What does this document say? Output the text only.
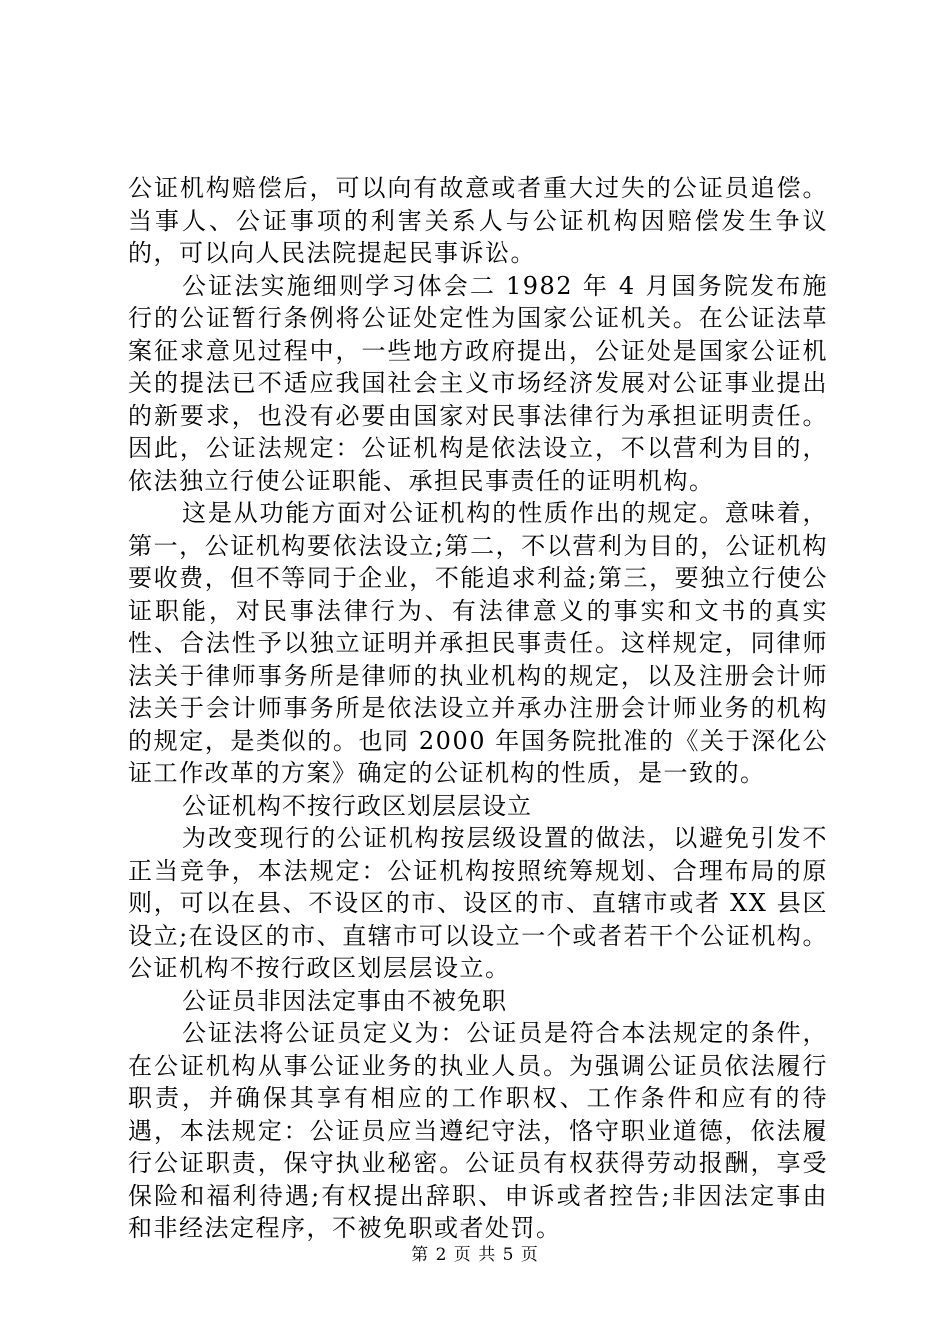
公证机构赔偿后，可以向有故意或者重大过失的公证员追偿。当事人、公证事项的利害关系人与公证机构因赔偿发生争议的，可以向人民法院提起民事诉讼。

公证法实施细则学习体会二 1982 年 4 月国务院发布施行的公证暂行条例将公证处定性为国家公证机关。在公证法草案征求意见过程中，一些地方政府提出，公证处是国家公证机关的提法已不适应我国社会主义市场经济发展对公证事业提出的新要求，也没有必要由国家对民事法律行为承担证明责任。因此，公证法规定：公证机构是依法设立，不以营利为目的，依法独立行使公证职能、承担民事责任的证明机构。

这是从功能方面对公证机构的性质作出的规定。意味着，第一，公证机构要依法设立;第二，不以营利为目的，公证机构要收费，但不等同于企业，不能追求利益;第三，要独立行使公证职能，对民事法律行为、有法律意义的事实和文书的真实性、合法性予以独立证明并承担民事责任。这样规定，同律师法关于律师事务所是律师的执业机构的规定，以及注册会计师法关于会计师事务所是依法设立并承办注册会计师业务的机构的规定，是类似的。也同 2000 年国务院批准的《关于深化公证工作改革的方案》确定的公证机构的性质，是一致的。

公证机构不按行政区划层层设立

为改变现行的公证机构按层级设置的做法，以避免引发不正当竞争，本法规定：公证机构按照统筹规划、合理布局的原则，可以在县、不设区的市、设区的市、直辖市或者 XX 县区设立;在设区的市、直辖市可以设立一个或者若干个公证机构。公证机构不按行政区划层层设立。

公证员非因法定事由不被免职

公证法将公证员定义为：公证员是符合本法规定的条件，在公证机构从事公证业务的执业人员。为强调公证员依法履行职责，并确保其享有相应的工作职权、工作条件和应有的待遇，本法规定：公证员应当遵纪守法，恪守职业道德，依法履行公证职责，保守执业秘密。公证员有权获得劳动报酬，享受保险和福利待遇;有权提出辞职、申诉或者控告;非因法定事由和非经法定程序，不被免职或者处罚。

第 2 页 共 5 页
